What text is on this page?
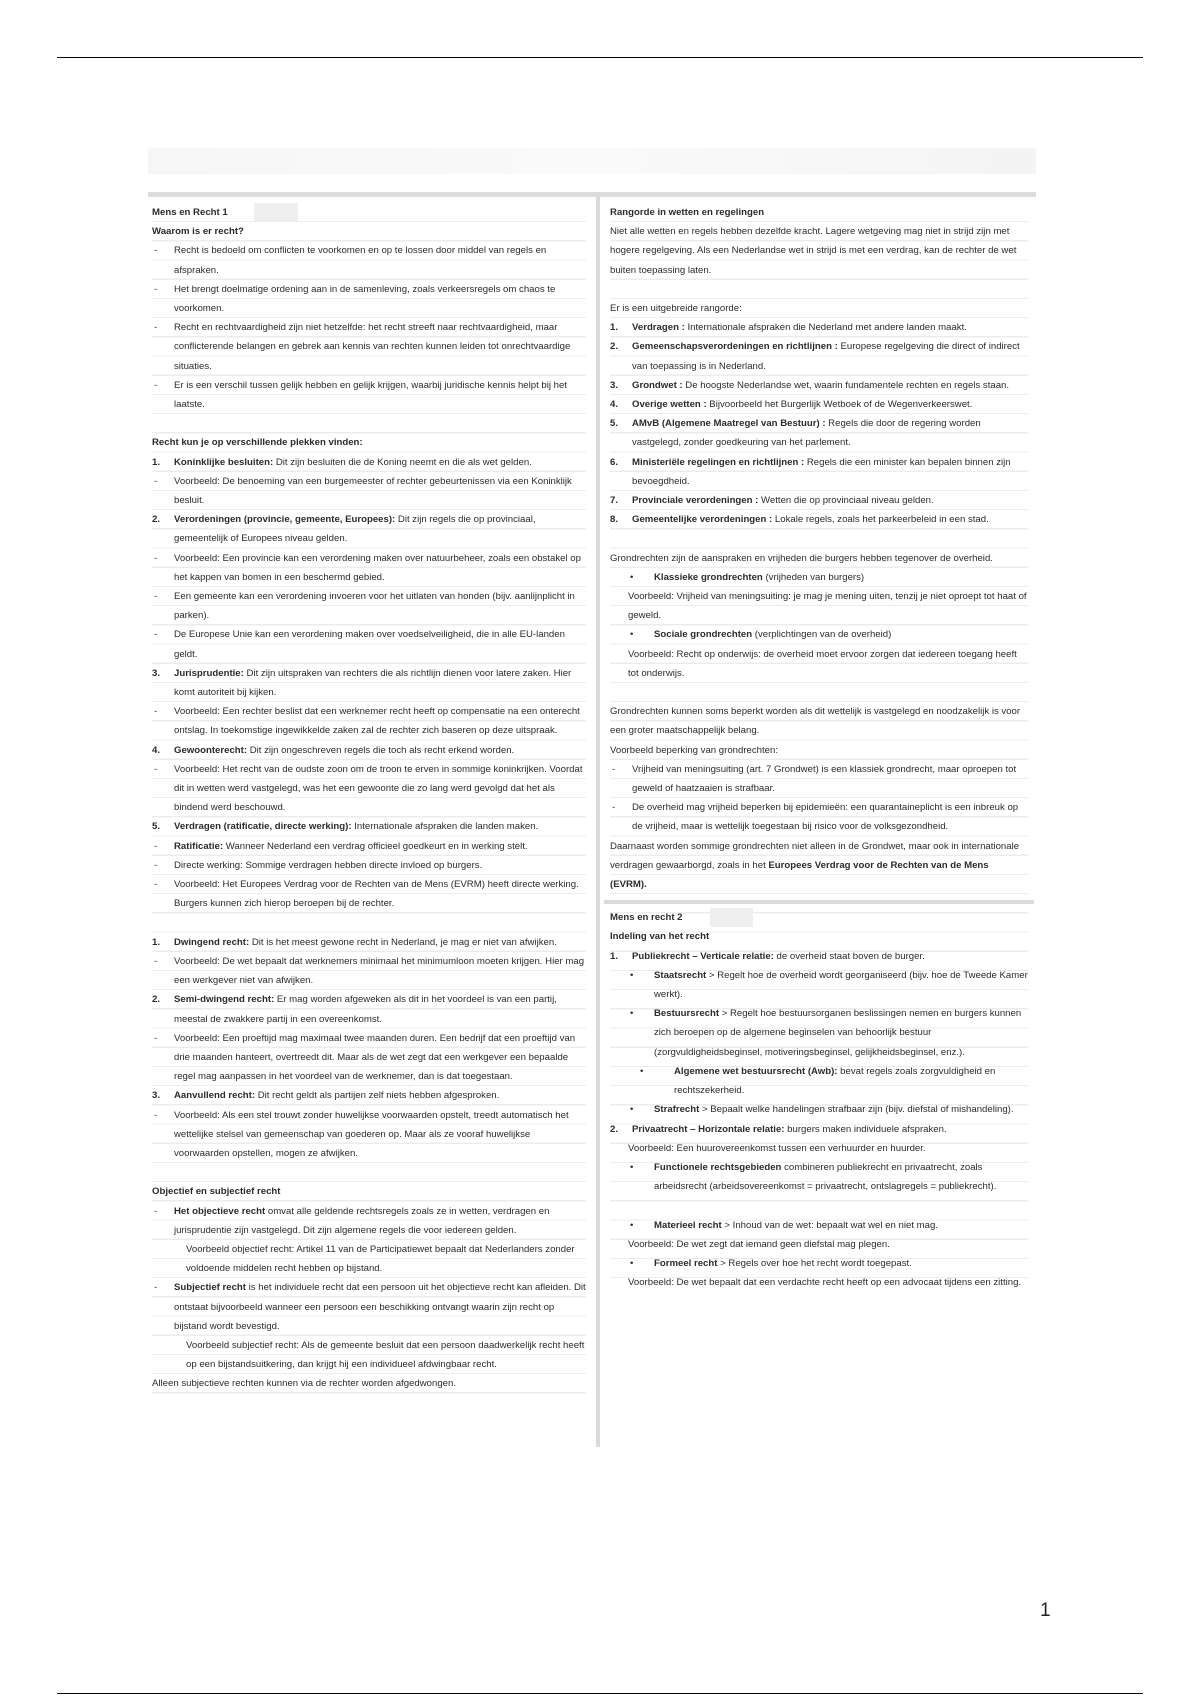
Mens en Recht 1

Waarom is er recht?

- Recht is bedoeld om conflicten te voorkomen en op te lossen door middel van regels en afspraken.

- Het brengt doelmatige ordening aan in de samenleving, zoals verkeersregels om chaos te voorkomen.

- Recht en rechtvaardigheid zijn niet hetzelfde: het recht streeft naar rechtvaardigheid, maar conflicterende belangen en gebrek aan kennis van rechten kunnen leiden tot onrechtvaardige situaties.

- Er is een verschil tussen gelijk hebben en gelijk krijgen, waarbij juridische kennis helpt bij het laatste.

Recht kun je op verschillende plekken vinden:

1. Koninklijke besluiten: Dit zijn besluiten die de Koning neemt en die als wet gelden.

- Voorbeeld: De benoeming van een burgemeester of rechter gebeurtenissen via een Koninklijk besluit.

2. Verordeningen (provincie, gemeente, Europees): Dit zijn regels die op provinciaal, gemeentelijk of Europees niveau gelden.

- Voorbeeld: Een provincie kan een verordening maken over natuurbeheer, zoals een obstakel op het kappen van bomen in een beschermd gebied.

- Een gemeente kan een verordening invoeren voor het uitlaten van honden (bijv. aanlijnplicht in parken).

- De Europese Unie kan een verordening maken over voedselveiligheid, die in alle EU-landen geldt.

3. Jurisprudentie: Dit zijn uitspraken van rechters die als richtlijn dienen voor latere zaken. Hier komt autoriteit bij kijken.

- Voorbeeld: Een rechter beslist dat een werknemer recht heeft op compensatie na een onterecht ontslag. In toekomstige ingewikkelde zaken zal de rechter zich baseren op deze uitspraak.

4. Gewoonterecht: Dit zijn ongeschreven regels die toch als recht erkend worden.

- Voorbeeld: Het recht van de oudste zoon om de troon te erven in sommige koninkrijken. Voordat dit in wetten werd vastgelegd, was het een gewoonte die zo lang werd gevolgd dat het als bindend werd beschouwd.

5. Verdragen (ratificatie, directe werking): Internationale afspraken die landen maken.

- Ratificatie: Wanneer Nederland een verdrag officieel goedkeurt en in werking stelt.

- Directe werking: Sommige verdragen hebben directe invloed op burgers.

- Voorbeeld: Het Europees Verdrag voor de Rechten van de Mens (EVRM) heeft directe werking. Burgers kunnen zich hierop beroepen bij de rechter.

1. Dwingend recht: Dit is het meest gewone recht in Nederland, je mag er niet van afwijken.

- Voorbeeld: De wet bepaalt dat werknemers minimaal het minimumloon moeten krijgen. Hier mag een werkgever niet van afwijken.

2. Semi-dwingend recht: Er mag worden afgeweken als dit in het voordeel is van een partij, meestal de zwakkere partij in een overeenkomst.

- Voorbeeld: Een proeftijd mag maximaal twee maanden duren. Een bedrijf dat een proeftijd van drie maanden hanteert, overtreedt dit. Maar als de wet zegt dat een werkgever een bepaalde regel mag aanpassen in het voordeel van de werknemer, dan is dat toegestaan.

3. Aanvullend recht: Dit recht geldt als partijen zelf niets hebben afgesproken.

- Voorbeeld: Als een stel trouwt zonder huwelijkse voorwaarden opstelt, treedt automatisch het wettelijke stelsel van gemeenschap van goederen op. Maar als ze vooraf huwelijkse voorwaarden opstellen, mogen ze afwijken.

Objectief en subjectief recht

- Het objectieve recht omvat alle geldende rechtsregels zoals ze in wetten, verdragen en jurisprudentie zijn vastgelegd. Dit zijn algemene regels die voor iedereen gelden.

Voorbeeld objectief recht: Artikel 11 van de Participatiewet bepaalt dat Nederlanders zonder voldoende middelen recht hebben op bijstand.

- Subjectief recht is het individuele recht dat een persoon uit het objectieve recht kan afleiden. Dit ontstaat bijvoorbeeld wanneer een persoon een beschikking ontvangt waarin zijn recht op bijstand wordt bevestigd.

Voorbeeld subjectief recht: Als de gemeente besluit dat een persoon daadwerkelijk recht heeft op een bijstandsuitkering, dan krijgt hij een individueel afdwingbaar recht.

Alleen subjectieve rechten kunnen via de rechter worden afgedwongen.

Rangorde in wetten en regelingen

Niet alle wetten en regels hebben dezelfde kracht. Lagere wetgeving mag niet in strijd zijn met hogere regelgeving. Als een Nederlandse wet in strijd is met een verdrag, kan de rechter de wet buiten toepassing laten.

Er is een uitgebreide rangorde:

1. Verdragen : Internationale afspraken die Nederland met andere landen maakt.

2. Gemeenschapsverordeningen en richtlijnen : Europese regelgeving die direct of indirect van toepassing is in Nederland.

3. Grondwet : De hoogste Nederlandse wet, waarin fundamentele rechten en regels staan.

4. Overige wetten : Bijvoorbeeld het Burgerlijk Wetboek of de Wegenverkeerswet.

5. AMvB (Algemene Maatregel van Bestuur) : Regels die door de regering worden vastgelegd, zonder goedkeuring van het parlement.

6. Ministeriële regelingen en richtlijnen : Regels die een minister kan bepalen binnen zijn bevoegdheid.

7. Provinciale verordeningen : Wetten die op provinciaal niveau gelden.

8. Gemeentelijke verordeningen : Lokale regels, zoals het parkeerbeleid in een stad.

Grondrechten zijn de aanspraken en vrijheden die burgers hebben tegenover de overheid.

• Klassieke grondrechten (vrijheden van burgers)

Voorbeeld: Vrijheid van meningsuiting: je mag je mening uiten, tenzij je niet oproept tot haat of geweld.

• Sociale grondrechten (verplichtingen van de overheid)

Voorbeeld: Recht op onderwijs: de overheid moet ervoor zorgen dat iedereen toegang heeft tot onderwijs.

Grondrechten kunnen soms beperkt worden als dit wettelijk is vastgelegd en noodzakelijk is voor een groter maatschappelijk belang.

Voorbeeld beperking van grondrechten:

- Vrijheid van meningsuiting (art. 7 Grondwet) is een klassiek grondrecht, maar oproepen tot geweld of haatzaaien is strafbaar.

- De overheid mag vrijheid beperken bij epidemieën: een quarantaineplicht is een inbreuk op de vrijheid, maar is wettelijk toegestaan bij risico voor de volksgezondheid.

Daarnaast worden sommige grondrechten niet alleen in de Grondwet, maar ook in internationale verdragen gewaarborgd, zoals in het Europees Verdrag voor de Rechten van de Mens (EVRM).

Mens en recht 2

Indeling van het recht

1. Publiekrecht – Verticale relatie: de overheid staat boven de burger.

• Staatsrecht > Regelt hoe de overheid wordt georganiseerd (bijv. hoe de Tweede Kamer werkt).

• Bestuursrecht > Regelt hoe bestuursorganen beslissingen nemen en burgers kunnen zich beroepen op de algemene beginselen van behoorlijk bestuur (zorgvuldigheidsbeginsel, motiveringsbeginsel, gelijkheidsbeginsel, enz.).

• Algemene wet bestuursrecht (Awb): bevat regels zoals zorgvuldigheid en rechtszekerheid.

• Strafrecht > Bepaalt welke handelingen strafbaar zijn (bijv. diefstal of mishandeling).

2. Privaatrecht – Horizontale relatie: burgers maken individuele afspraken.

Voorbeeld: Een huurovereenkomst tussen een verhuurder en huurder.

• Functionele rechtsgebieden combineren publiekrecht en privaatrecht, zoals arbeidsrecht (arbeidsovereenkomst = privaatrecht, ontslagregels = publiekrecht).

• Materieel recht > Inhoud van de wet: bepaalt wat wel en niet mag.

Voorbeeld: De wet zegt dat iemand geen diefstal mag plegen.

• Formeel recht > Regels over hoe het recht wordt toegepast.

Voorbeeld: De wet bepaalt dat een verdachte recht heeft op een advocaat tijdens een zitting.

1
